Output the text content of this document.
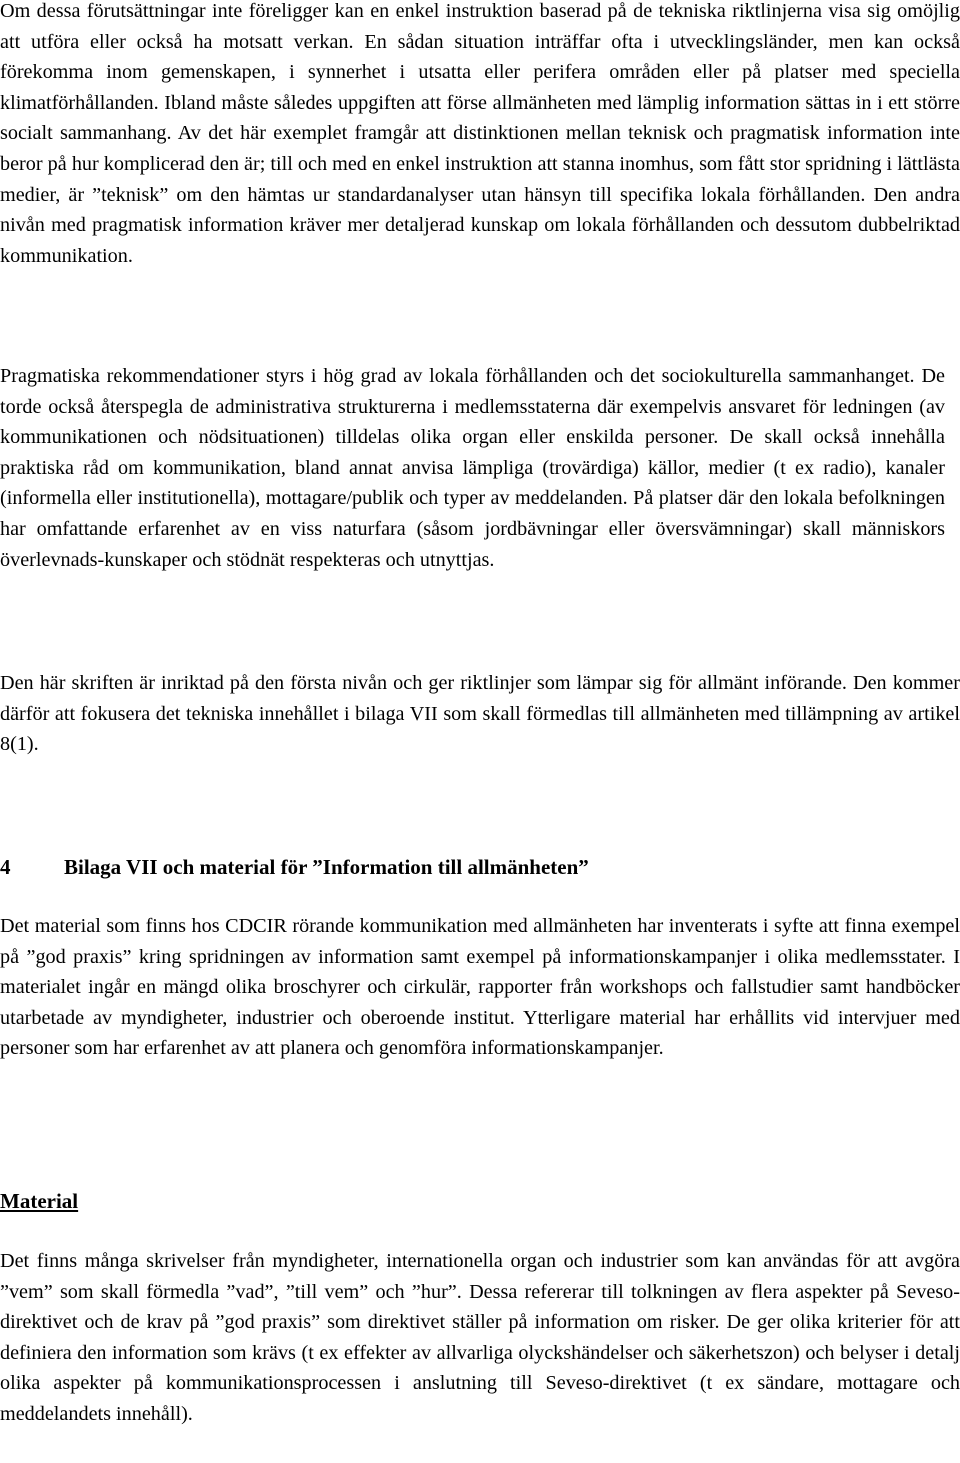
Om dessa förutsättningar inte föreligger kan en enkel instruktion baserad på de tekniska riktlinjerna visa sig omöjlig att utföra eller också ha motsatt verkan. En sådan situation inträffar ofta i utvecklingsländer, men kan också förekomma inom gemenskapen, i synnerhet i utsatta eller perifera områden eller på platser med speciella klimatförhållanden. Ibland måste således uppgiften att förse allmänheten med lämplig information sättas in i ett större socialt sammanhang. Av det här exemplet framgår att distinktionen mellan teknisk och pragmatisk information inte beror på hur komplicerad den är; till och med en enkel instruktion att stanna inomhus, som fått stor spridning i lättlästa medier, är ”teknisk” om den hämtas ur standardanalyser utan hänsyn till specifika lokala förhållanden. Den andra nivån med pragmatisk information kräver mer detaljerad kunskap om lokala förhållanden och dessutom dubbelriktad kommunikation.

Pragmatiska rekommendationer styrs i hög grad av lokala förhållanden och det sociokulturella sammanhanget. De torde också återspegla de administrativa strukturerna i medlemsstaterna där exempelvis ansvaret för ledningen (av kommunikationen och nödsituationen) tilldelas olika organ eller enskilda personer. De skall också innehålla praktiska råd om kommunikation, bland annat anvisa lämpliga (trovärdiga) källor, medier (t ex radio), kanaler (informella eller institutionella), mottagare/publik och typer av meddelanden. På platser där den lokala befolkningen har omfattande erfarenhet av en viss naturfara (såsom jordbävningar eller översvämningar) skall människors överlevnads-kunskaper och stödnät respekteras och utnyttjas.

Den här skriften är inriktad på den första nivån och ger riktlinjer som lämpar sig för allmänt införande. Den kommer därför att fokusera det tekniska innehållet i bilaga VII som skall förmedlas till allmänheten med tillämpning av artikel 8(1).

4	Bilaga VII och material för ”Information till allmänheten”

Det material som finns hos CDCIR rörande kommunikation med allmänheten har inventerats i syfte att finna exempel på ”god praxis” kring spridningen av information samt exempel på informationskampanjer i olika medlemsstater. I materialet ingår en mängd olika broschyrer och cirkulär, rapporter från workshops och fallstudier samt handböcker utarbetade av myndigheter, industrier och oberoende institut. Ytterligare material har erhållits vid intervjuer med personer som har erfarenhet av att planera och genomföra informationskampanjer.

Material

Det finns många skrivelser från myndigheter, internationella organ och industrier som kan användas för att avgöra ”vem” som skall förmedla ”vad”, ”till vem” och ”hur”. Dessa refererar till tolkningen av flera aspekter på Seveso-direktivet och de krav på ”god praxis” som direktivet ställer på information om risker. De ger olika kriterier för att definiera den information som krävs (t ex effekter av allvarliga olyckshändelser och säkerhetszon) och belyser i detalj olika aspekter på kommunikationsprocessen i anslutning till Seveso-direktivet (t ex sändare, mottagare och meddelandets innehåll).
